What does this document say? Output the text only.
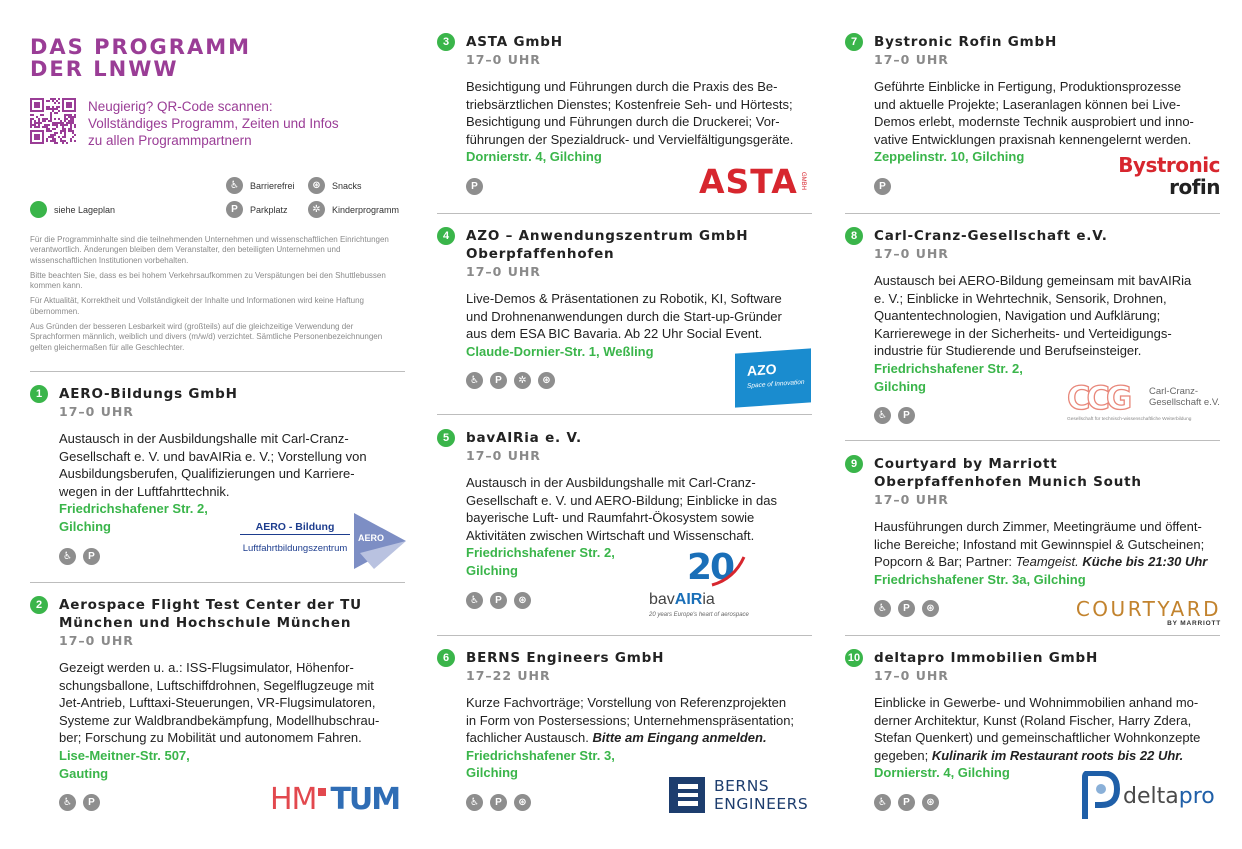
DAS PROGRAMM
DER LNWW
Neugierig? QR-Code scannen:
Vollständiges Programm, Zeiten und Infos
zu allen Programmpartnern
siehe Lageplan
♿	Barrierefrei
P	Parkplatz
⊛	Snacks
✲	Kinderprogramm

Für die Programminhalte sind die teilnehmenden Unternehmen und wissenschaftlichen Einrichtungen verantwortlich. Änderungen bleiben dem Veranstalter, den beteiligten Unternehmen und wissenschaftlichen Institutionen vorbehalten.

Bitte beachten Sie, dass es bei hohem Verkehrsaufkommen zu Verspätungen bei den Shuttlebussen kommen kann.

Für Aktualität, Korrektheit und Vollständigkeit der Inhalte und Informationen wird keine Haftung übernommen.

Aus Gründen der besseren Lesbarkeit wird (großteils) auf die gleichzeitige Verwendung der Sprachformen männlich, weiblich und divers (m/w/d) verzichtet. Sämtliche Personenbezeichnungen gelten gleichermaßen für alle Geschlechter.

1	AERO-Bildungs GmbH
17–0 UHR
Austausch in der Ausbildungshalle mit Carl-Cranz-
Gesellschaft e. V. und bavAIRia e. V.; Vorstellung von
Ausbildungsberufen, Qualifizierungen und Karriere-
wegen in der Luftfahrttechnik.
Friedrichshafener Str. 2,
Gilching
♿	P
AERO - Bildung
Luftfahrtbildungszentrum
AERO
2	Aerospace Flight Test Center der TU
München und Hochschule München
17–0 UHR
Gezeigt werden u. a.: ISS-Flugsimulator, Höhenfor-
schungsballone, Luftschiffdrohnen, Segelflugzeuge mit
Jet-Antrieb, Lufttaxi-Steuerungen, VR-Flugsimulatoren,
Systeme zur Waldbrandbekämpfung, Modellhubschrau-
ber; Forschung zu Mobilität und autonomem Fahren.
Lise-Meitner-Str. 507,
Gauting
♿	P	HM TUM
3	ASTA GmbH
17–0 UHR
Besichtigung und Führungen durch die Praxis des Be-
triebsärztlichen Dienstes; Kostenfreie Seh- und Hörtests;
Besichtigung und Führungen durch die Druckerei; Vor-
führungen der Spezialdruck- und Vervielfältigungsgeräte.
Dornierstr. 4, Gilching
P	ASTA GMBH
4	AZO – Anwendungszentrum GmbH
Oberpfaffenhofen
17–0 UHR
Live-Demos & Präsentationen zu Robotik, KI, Software
und Drohnenanwendungen durch die Start-up-Gründer
aus dem ESA BIC Bavaria. Ab 22 Uhr Social Event.
Claude-Dornier-Str. 1, Weßling
♿	P	✲	⊛
AZO
Space of Innovation
5	bavAIRia e. V.
17–0 UHR
Austausch in der Ausbildungshalle mit Carl-Cranz-
Gesellschaft e. V. und AERO-Bildung; Einblicke in das
bayerische Luft- und Raumfahrt-Ökosystem sowie
Aktivitäten zwischen Wirtschaft und Wissenschaft.
Friedrichshafener Str. 2,
Gilching
♿	P	⊛
20
bavAIRia
20 years Europe's heart of aerospace
6	BERNS Engineers GmbH
17–22 UHR
Kurze Fachvorträge; Vorstellung von Referenzprojekten
in Form von Postersessions; Unternehmenspräsentation;
fachlicher Austausch. Bitte am Eingang anmelden.
Friedrichshafener Str. 3,
Gilching
♿	P	⊛
BERNS
ENGINEERS
7	Bystronic Rofin GmbH
17–0 UHR
Geführte Einblicke in Fertigung, Produktionsprozesse
und aktuelle Projekte; Laseranlagen können bei Live-
Demos erlebt, modernste Technik ausprobiert und inno-
vative Entwicklungen praxisnah kennengelernt werden.
Zeppelinstr. 10, Gilching
P
Bystronic
rofin
8	Carl-Cranz-Gesellschaft e.V.
17–0 UHR
Austausch bei AERO-Bildung gemeinsam mit bavAIRia
e. V.; Einblicke in Wehrtechnik, Sensorik, Drohnen,
Quantentechnologien, Navigation und Aufklärung;
Karrierewege in der Sicherheits- und Verteidigungs-
industrie für Studierende und Berufseinsteiger.
Friedrichshafener Str. 2,
Gilching
♿	P	CCG Carl-Cranz-
Gesellschaft e.V.
Gesellschaft für technisch-wissenschaftliche Weiterbildung
9	Courtyard by Marriott
Oberpfaffenhofen Munich South
17–0 UHR
Hausführungen durch Zimmer, Meetingräume und öffent-
liche Bereiche; Infostand mit Gewinnspiel & Gutscheinen;
Popcorn & Bar; Partner: Teamgeist. Küche bis 21:30 Uhr
Friedrichshafener Str. 3a, Gilching
♿	P	⊛	COURTYARD
BY MARRIOTT
10 deltapro Immobilien GmbH
17–0 UHR
Einblicke in Gewerbe- und Wohnimmobilien anhand mo-
derner Architektur, Kunst (Roland Fischer, Harry Zdera,
Stefan Quenkert) und gemeinschaftlicher Wohnkonzepte
gegeben; Kulinarik im Restaurant roots bis 22 Uhr.
Dornierstr. 4, Gilching
♿	P	⊛	delta pro
